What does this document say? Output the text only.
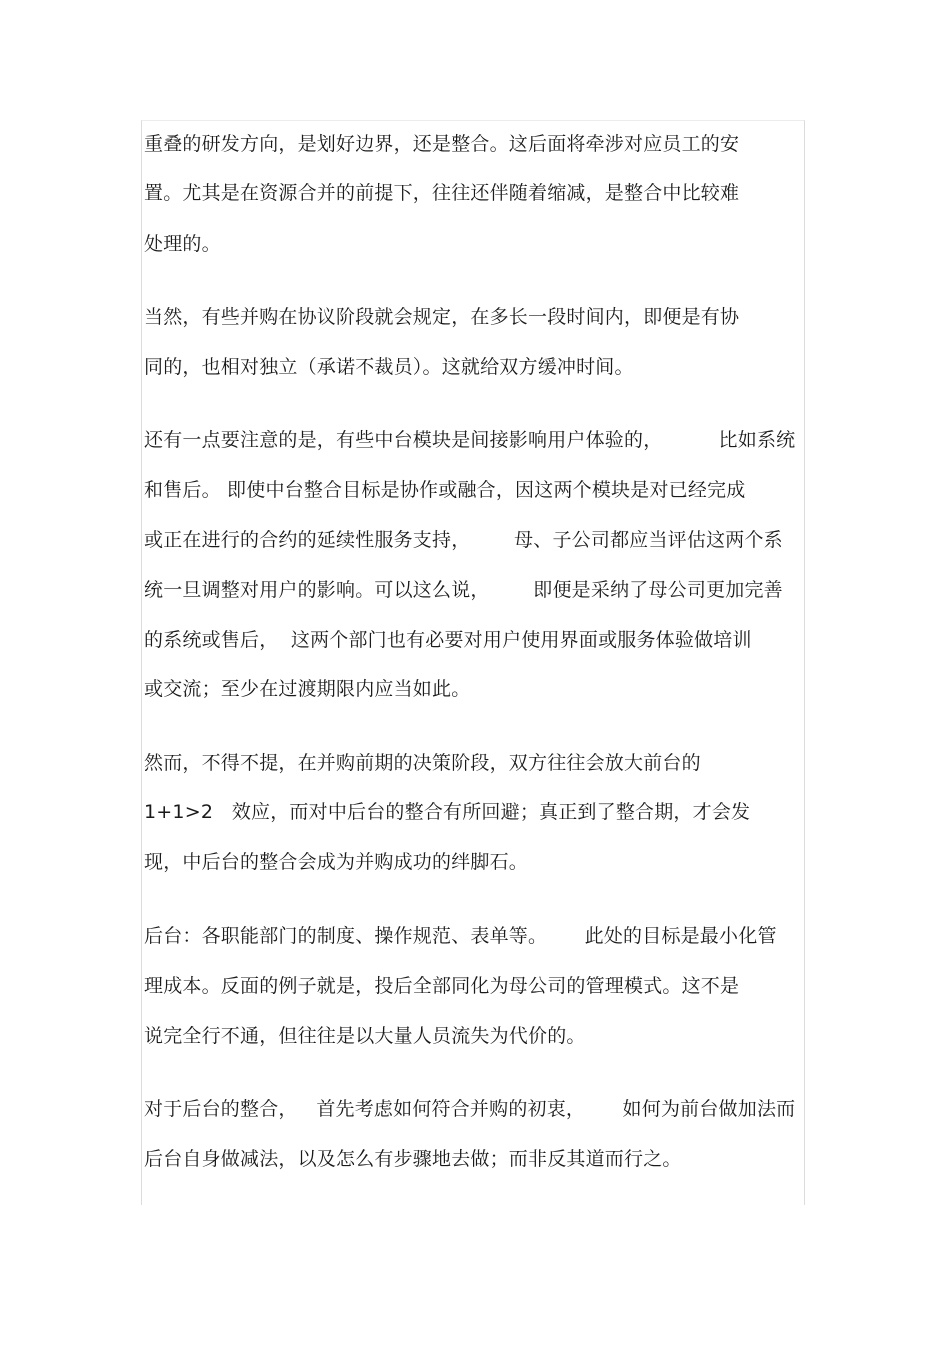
重叠的研发方向，是划好边界，还是整合。这后面将牵涉对应员工的安
置。尤其是在资源合并的前提下，往往还伴随着缩减，是整合中比较难
处理的。
当然，有些并购在协议阶段就会规定，在多长一段时间内，即便是有协
同的，也相对独立（承诺不裁员）。这就给双方缓冲时间。
还有一点要注意的是，有些中台模块是间接影响用户体验的，         比如系统
和售后。 即使中台整合目标是协作或融合，因这两个模块是对已经完成
或正在进行的合约的延续性服务支持，       母、子公司都应当评估这两个系
统一旦调整对用户的影响。可以这么说，       即便是采纳了母公司更加完善
的系统或售后，  这两个部门也有必要对用户使用界面或服务体验做培训
或交流；至少在过渡期限内应当如此。
然而，不得不提，在并购前期的决策阶段，双方往往会放大前台的
1+1>2   效应，而对中后台的整合有所回避；真正到了整合期，才会发
现，中后台的整合会成为并购成功的绊脚石。
后台：各职能部门的制度、操作规范、表单等。      此处的目标是最小化管
理成本。反面的例子就是，投后全部同化为母公司的管理模式。这不是
说完全行不通，但往往是以大量人员流失为代价的。
对于后台的整合，   首先考虑如何符合并购的初衷，      如何为前台做加法而
后台自身做减法，以及怎么有步骤地去做；而非反其道而行之。
